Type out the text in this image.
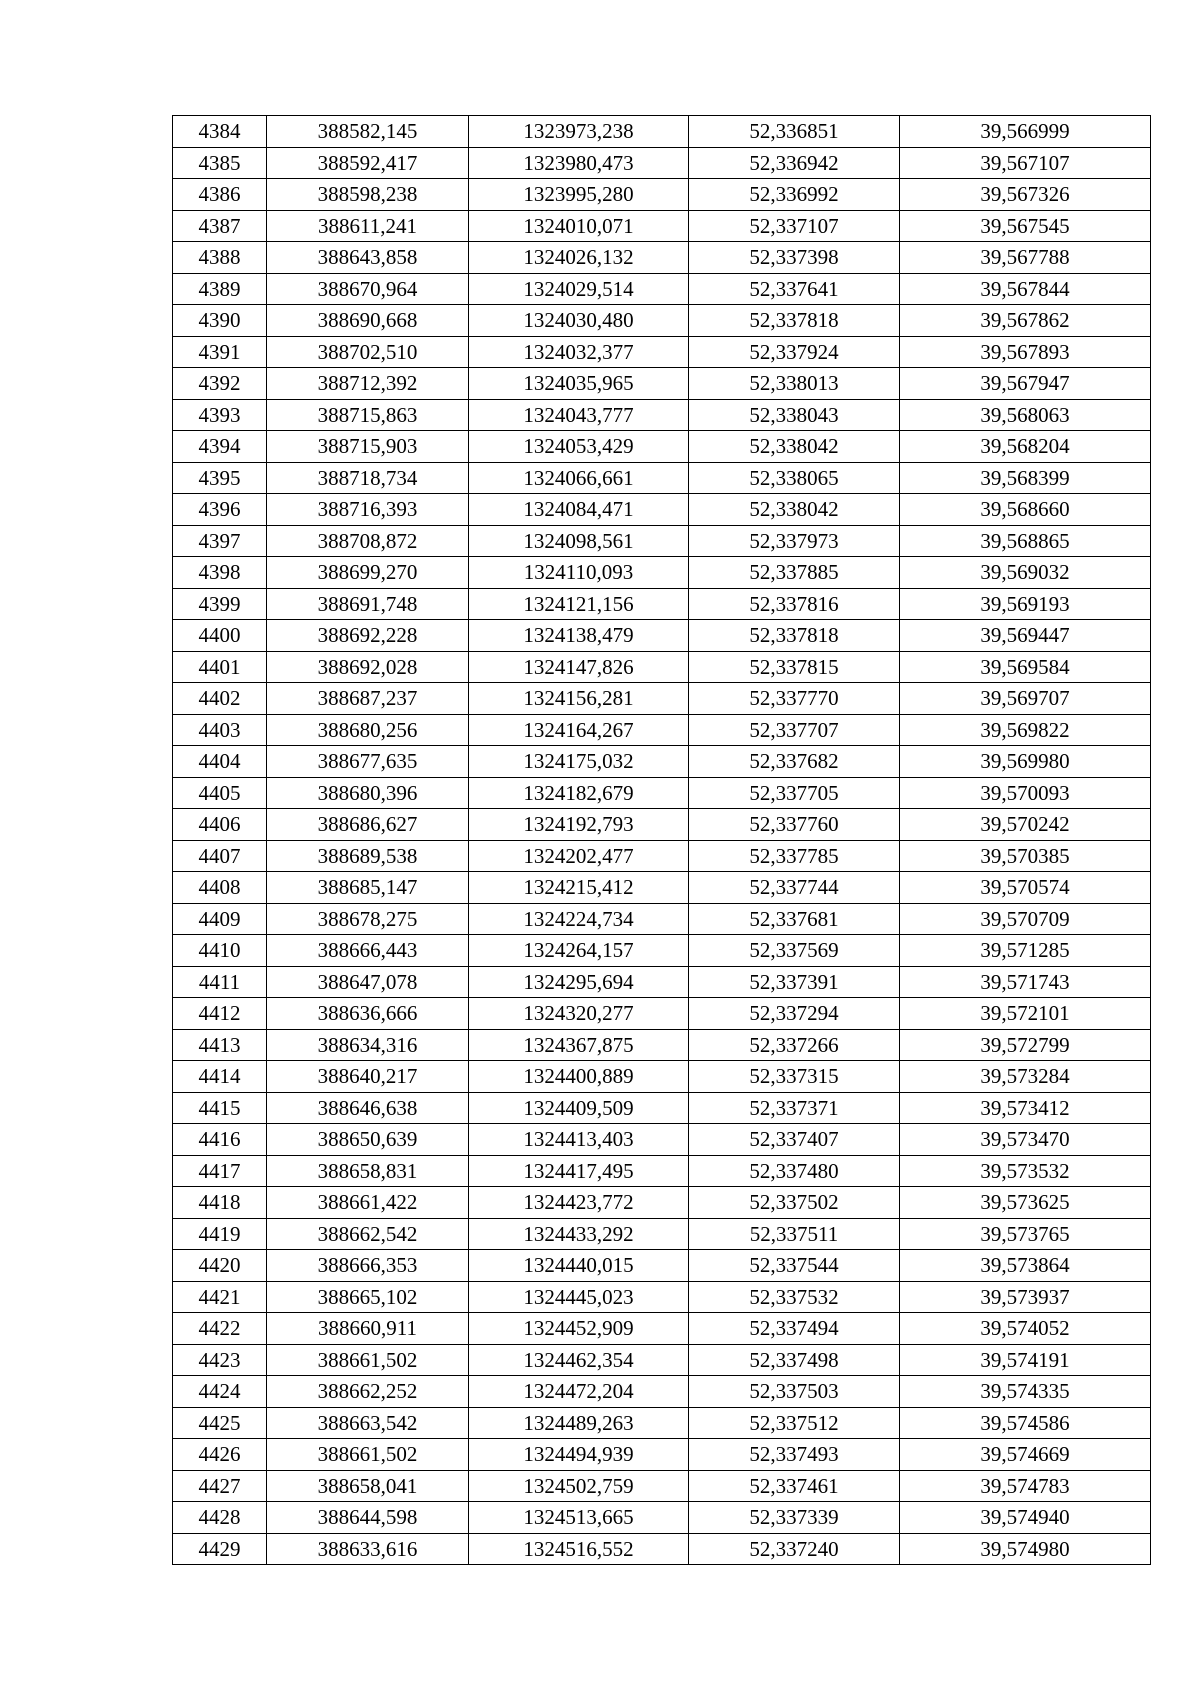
4384	388582,145	1323973,238	52,336851	39,566999
4385	388592,417	1323980,473	52,336942	39,567107
4386	388598,238	1323995,280	52,336992	39,567326
4387	388611,241	1324010,071	52,337107	39,567545
4388	388643,858	1324026,132	52,337398	39,567788
4389	388670,964	1324029,514	52,337641	39,567844
4390	388690,668	1324030,480	52,337818	39,567862
4391	388702,510	1324032,377	52,337924	39,567893
4392	388712,392	1324035,965	52,338013	39,567947
4393	388715,863	1324043,777	52,338043	39,568063
4394	388715,903	1324053,429	52,338042	39,568204
4395	388718,734	1324066,661	52,338065	39,568399
4396	388716,393	1324084,471	52,338042	39,568660
4397	388708,872	1324098,561	52,337973	39,568865
4398	388699,270	1324110,093	52,337885	39,569032
4399	388691,748	1324121,156	52,337816	39,569193
4400	388692,228	1324138,479	52,337818	39,569447
4401	388692,028	1324147,826	52,337815	39,569584
4402	388687,237	1324156,281	52,337770	39,569707
4403	388680,256	1324164,267	52,337707	39,569822
4404	388677,635	1324175,032	52,337682	39,569980
4405	388680,396	1324182,679	52,337705	39,570093
4406	388686,627	1324192,793	52,337760	39,570242
4407	388689,538	1324202,477	52,337785	39,570385
4408	388685,147	1324215,412	52,337744	39,570574
4409	388678,275	1324224,734	52,337681	39,570709
4410	388666,443	1324264,157	52,337569	39,571285
4411	388647,078	1324295,694	52,337391	39,571743
4412	388636,666	1324320,277	52,337294	39,572101
4413	388634,316	1324367,875	52,337266	39,572799
4414	388640,217	1324400,889	52,337315	39,573284
4415	388646,638	1324409,509	52,337371	39,573412
4416	388650,639	1324413,403	52,337407	39,573470
4417	388658,831	1324417,495	52,337480	39,573532
4418	388661,422	1324423,772	52,337502	39,573625
4419	388662,542	1324433,292	52,337511	39,573765
4420	388666,353	1324440,015	52,337544	39,573864
4421	388665,102	1324445,023	52,337532	39,573937
4422	388660,911	1324452,909	52,337494	39,574052
4423	388661,502	1324462,354	52,337498	39,574191
4424	388662,252	1324472,204	52,337503	39,574335
4425	388663,542	1324489,263	52,337512	39,574586
4426	388661,502	1324494,939	52,337493	39,574669
4427	388658,041	1324502,759	52,337461	39,574783
4428	388644,598	1324513,665	52,337339	39,574940
4429	388633,616	1324516,552	52,337240	39,574980
